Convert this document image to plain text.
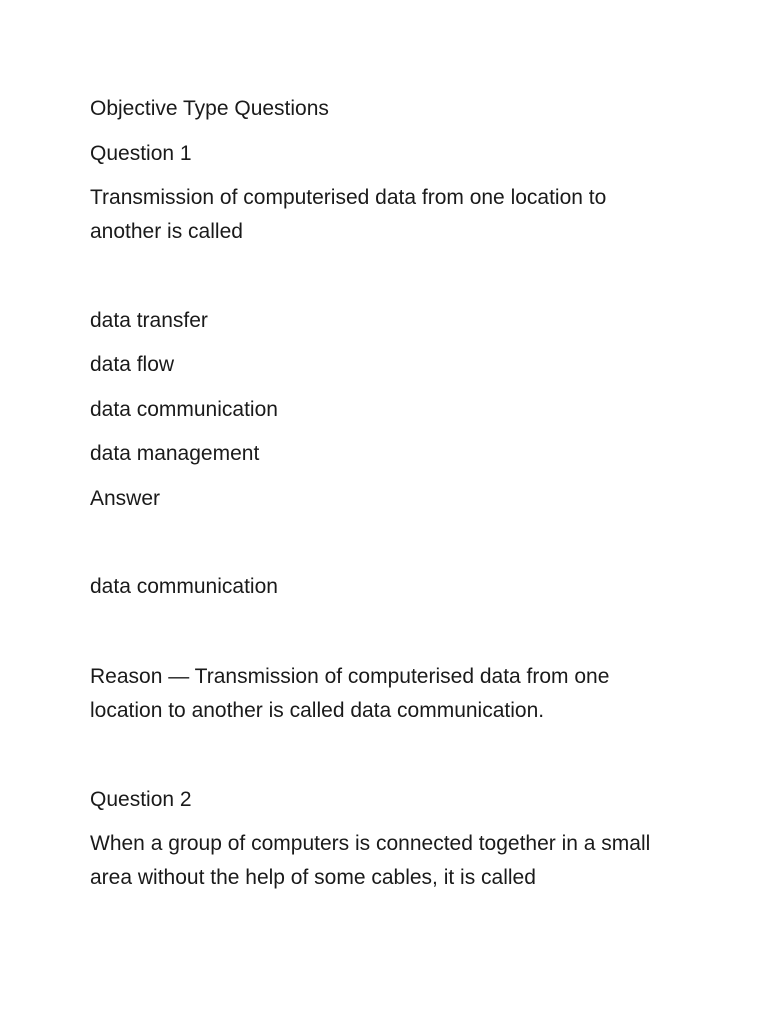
Objective Type Questions
Question 1
Transmission of computerised data from one location to another is called
data transfer
data flow
data communication
data management
Answer
data communication
Reason — Transmission of computerised data from one location to another is called data communication.
Question 2
When a group of computers is connected together in a small area without the help of some cables, it is called
